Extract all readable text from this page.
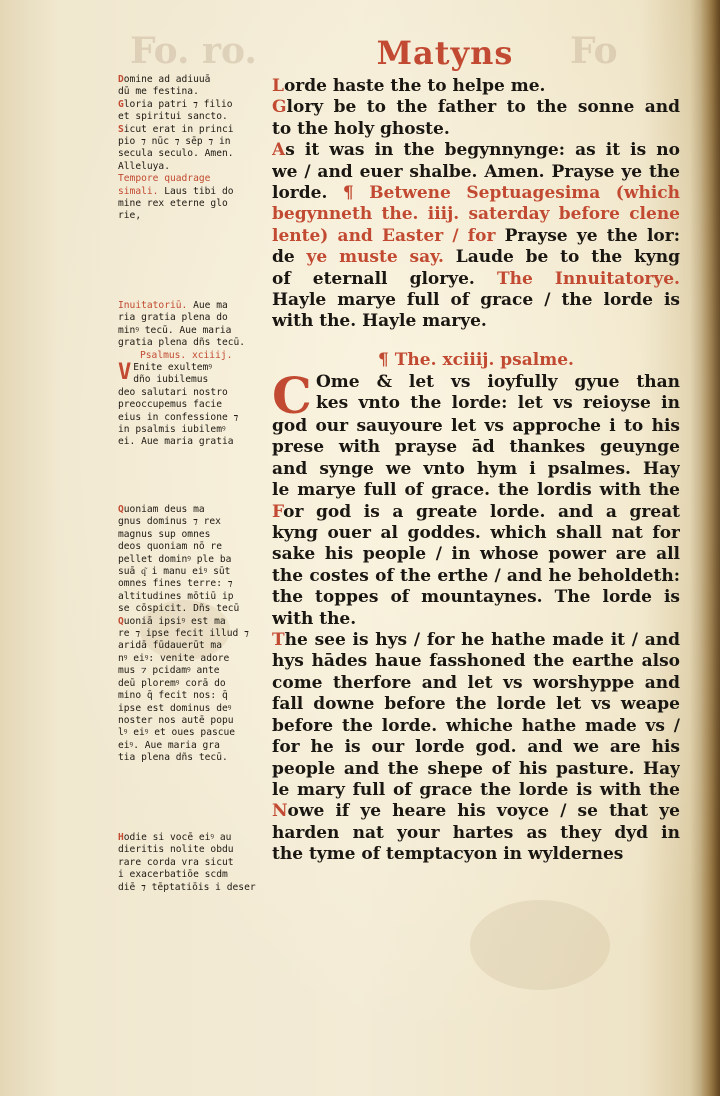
Fo. ro.	Fo
Matyns
Domine ad adiuuā
dū me festina.
Gloria patri ⁊ filio
et spiritui sancto.
Sicut erat in princi
pio ⁊ nūc ⁊ sēp ⁊ in
secula seculo. Amen.
Alleluya.
Tempore quadrage
simali. Laus tibi do
mine rex eterne glo
rie,
Inuitatoriū. Aue ma
ria gratia plena do
minꝰ tecū. Aue maria
gratia plena dñs tecū.
Psalmus. xciiij.
V Enite exultemꝰ
dño iubilemus
deo salutari nostro
preoccupemus facie
eius in confessione ⁊
in psalmis iubilemꝰ
ei. Aue maria gratia
Quoniam deus ma
gnus dominus ⁊ rex
magnus sup omnes
deos quoniam nō re
pellet dominꝰ ple ba
suā q͂ i manu eiꝰ sūt
omnes fines terre: ⁊
altitudines mōtiū ip
se cōspicit. Dñs tecū
Quoniā ipsiꝰ est ma
re ⁊ ipse fecit illud ⁊
aridā fūdauerūt ma
nꝰ eiꝰ: venite adore
mus ⁊ pcidamꝰ ante
deū ploremꝰ corā do
mino q̄ fecit nos: q̄
ipse est dominus deꝰ
noster nos autē popu
lꝰ eiꝰ et oues pascue
eiꝰ. Aue maria gra
tia plena dñs tecū.
Hodie si vocē eiꝰ au
dieritis nolite obdu
rare corda vra sicut
i exacerbatiōe scdm
diē ⁊ tēptatiōis i deser
Lorde haste the to helpe me.
Glory be to the father to the sonne and
to the holy ghoste.
As it was in the begynnynge: as it is no
we / and euer shalbe. Amen. Prayse ye the
lorde. ¶ Betwene Septuagesima (which
begynneth the. iiij. saterday before clene
lente) and Easter / for Prayse ye the lor:
de ye muste say. Laude be to the kyng
of eternall glorye. The Innuitatorye.
Hayle marye full of grace / the lorde is
with the. Hayle marye.
¶ The. xciiij. psalme.
C Ome & let vs ioyfully gyue than
kes vnto the lorde: let vs reioyse in
god our sauyoure let vs approche i to his
prese with prayse ād thankes geuynge
and synge we vnto hym i psalmes. Hay
le marye full of grace. the lordis with the
For god is a greate lorde. and a great
kyng ouer al goddes. which shall nat for
sake his people / in whose power are all
the costes of the erthe / and he beholdeth:
the toppes of mountaynes. The lorde is
with the.
The see is hys / for he hathe made it / and
hys hādes haue fasshoned the earthe also
come therfore and let vs worshyppe and
fall downe before the lorde let vs weape
before the lorde. whiche hathe made vs /
for he is our lorde god. and we are his
people and the shepe of his pasture. Hay
le mary full of grace the lorde is with the
Nowe if ye heare his voyce / se that ye
harden nat your hartes as they dyd in
the tyme of temptacyon in wyldernes
